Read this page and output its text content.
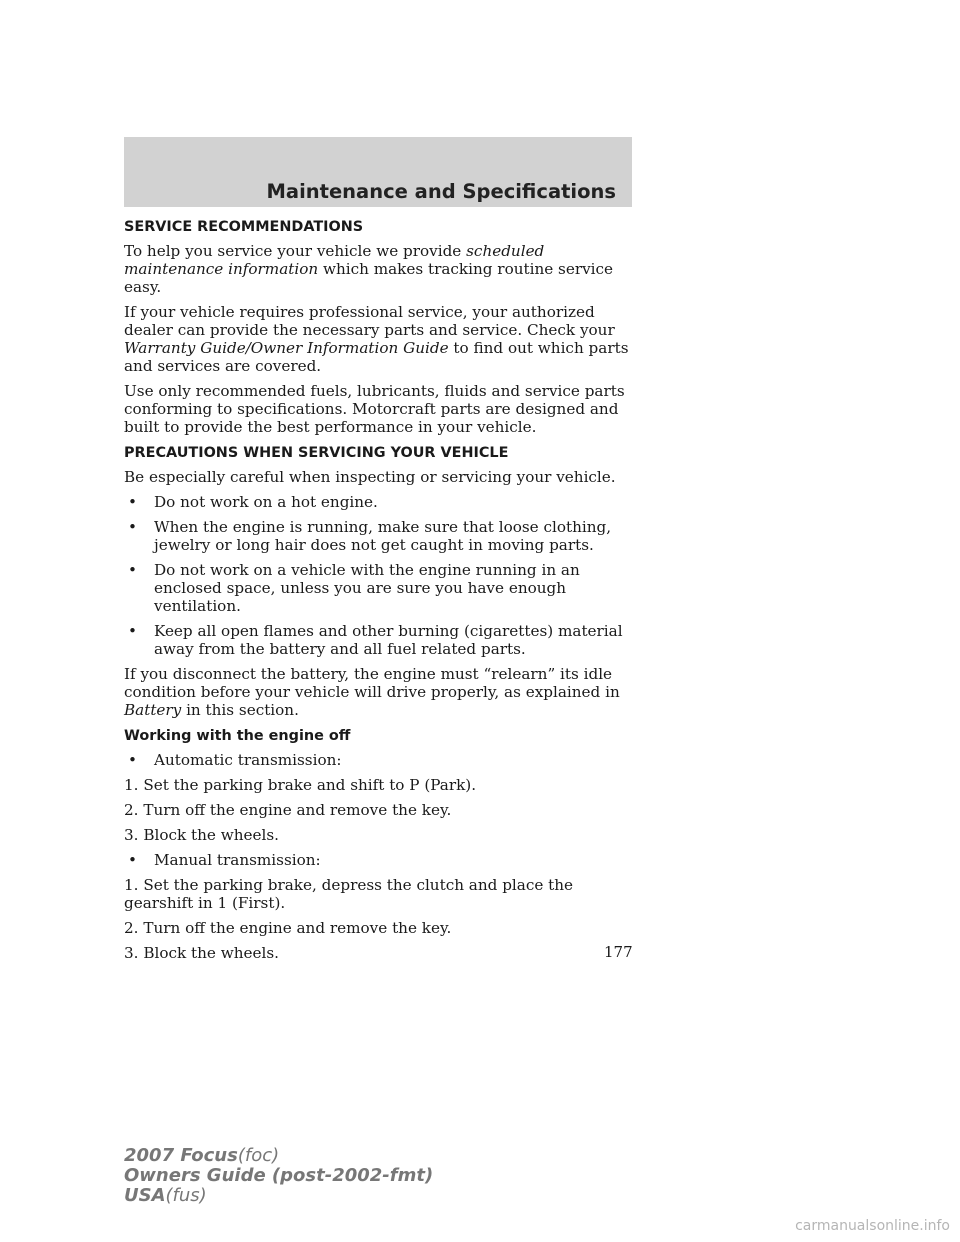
Maintenance and Specifications
SERVICE RECOMMENDATIONS

To help you service your vehicle we provide scheduled maintenance information which makes tracking routine service easy.

If your vehicle requires professional service, your authorized dealer can provide the necessary parts and service. Check your Warranty Guide/Owner Information Guide to find out which parts and services are covered.

Use only recommended fuels, lubricants, fluids and service parts conforming to specifications. Motorcraft parts are designed and built to provide the best performance in your vehicle.

PRECAUTIONS WHEN SERVICING YOUR VEHICLE

Be especially careful when inspecting or servicing your vehicle.

• Do not work on a hot engine.
• When the engine is running, make sure that loose clothing, jewelry or long hair does not get caught in moving parts.
• Do not work on a vehicle with the engine running in an enclosed space, unless you are sure you have enough ventilation.
• Keep all open flames and other burning (cigarettes) material away from the battery and all fuel related parts.

If you disconnect the battery, the engine must “relearn” its idle condition before your vehicle will drive properly, as explained in Battery in this section.

Working with the engine off
• Automatic transmission:

1. Set the parking brake and shift to P (Park).

2. Turn off the engine and remove the key.

3. Block the wheels.

• Manual transmission:

1. Set the parking brake, depress the clutch and place the gearshift in 1 (First).

2. Turn off the engine and remove the key.

3. Block the wheels.	177
2007 Focus(foc)
Owners Guide (post-2002-fmt)
USA(fus)
carmanualsonline.info
